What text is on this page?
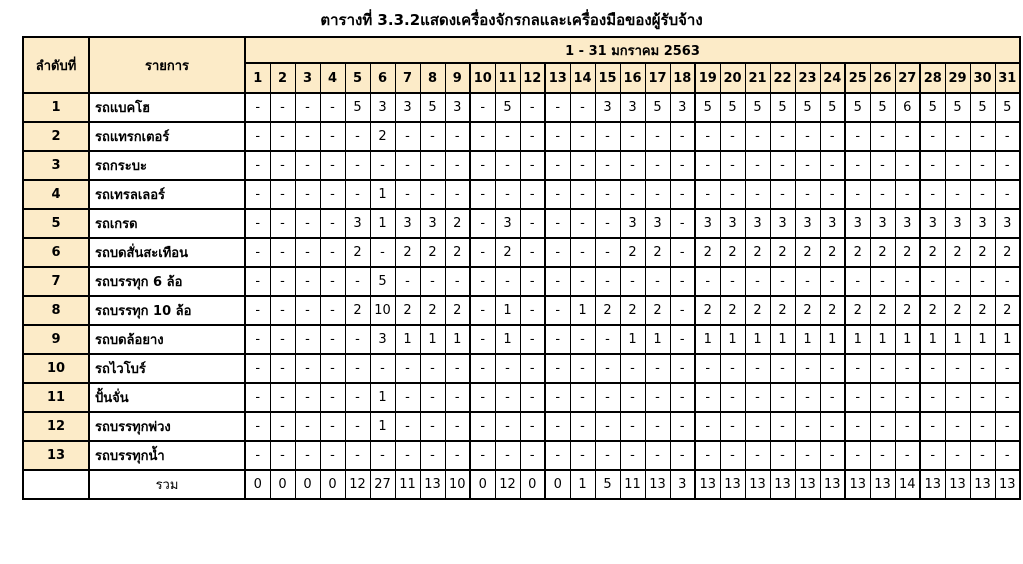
ตารางที่ 3.3.2แสดงเครื่องจักรกลและเครื่องมือของผู้รับจ้าง
ลำดับที่	รายการ	1 - 31 มกราคม 2563																														
		1	2	3	4	5	6	7	8	9	10	11	12	13	14	15	16	17	18	19	20	21	22	23	24	25	26	27	28	29	30	31
1	รถแบคโฮ	-	-	-	-	5	3	3	5	3	-	5	-	-	-	3	3	5	3	5	5	5	5	5	5	5	5	6	5	5	5	5
2	รถแทรกเตอร์	-	-	-	-	-	2	-	-	-	-	-	-	-	-	-	-	-	-	-	-	-	-	-	-	-	-	-	-	-	-	-
3	รถกระบะ	-	-	-	-	-	-	-	-	-	-	-	-	-	-	-	-	-	-	-	-	-	-	-	-	-	-	-	-	-	-	-
4	รถเทรลเลอร์	-	-	-	-	-	1	-	-	-	-	-	-	-	-	-	-	-	-	-	-	-	-	-	-	-	-	-	-	-	-	-
5	รถเกรด	-	-	-	-	3	1	3	3	2	-	3	-	-	-	-	3	3	-	3	3	3	3	3	3	3	3	3	3	3	3	3
6	รถบดสั่นสะเทือน	-	-	-	-	2	-	2	2	2	-	2	-	-	-	-	2	2	-	2	2	2	2	2	2	2	2	2	2	2	2	2
7	รถบรรทุก 6 ล้อ	-	-	-	-	-	5	-	-	-	-	-	-	-	-	-	-	-	-	-	-	-	-	-	-	-	-	-	-	-	-	-
8	รถบรรทุก 10 ล้อ	-	-	-	-	2	10	2	2	2	-	1	-	-	1	2	2	2	-	2	2	2	2	2	2	2	2	2	2	2	2	2
9	รถบดล้อยาง	-	-	-	-	-	3	1	1	1	-	1	-	-	-	-	1	1	-	1	1	1	1	1	1	1	1	1	1	1	1	1
10	รถไวโบร์	-	-	-	-	-	-	-	-	-	-	-	-	-	-	-	-	-	-	-	-	-	-	-	-	-	-	-	-	-	-	-
11	ปั้นจั่น	-	-	-	-	-	1	-	-	-	-	-	-	-	-	-	-	-	-	-	-	-	-	-	-	-	-	-	-	-	-	-
12	รถบรรทุกพ่วง	-	-	-	-	-	1	-	-	-	-	-	-	-	-	-	-	-	-	-	-	-	-	-	-	-	-	-	-	-	-	-
13	รถบรรทุกน้ำ	-	-	-	-	-	-	-	-	-	-	-	-	-	-	-	-	-	-	-	-	-	-	-	-	-	-	-	-	-	-	-
	รวม	0	0	0	0	12	27	11	13	10	0	12	0	0	1	5	11	13	3	13	13	13	13	13	13	13	13	14	13	13	13	13
